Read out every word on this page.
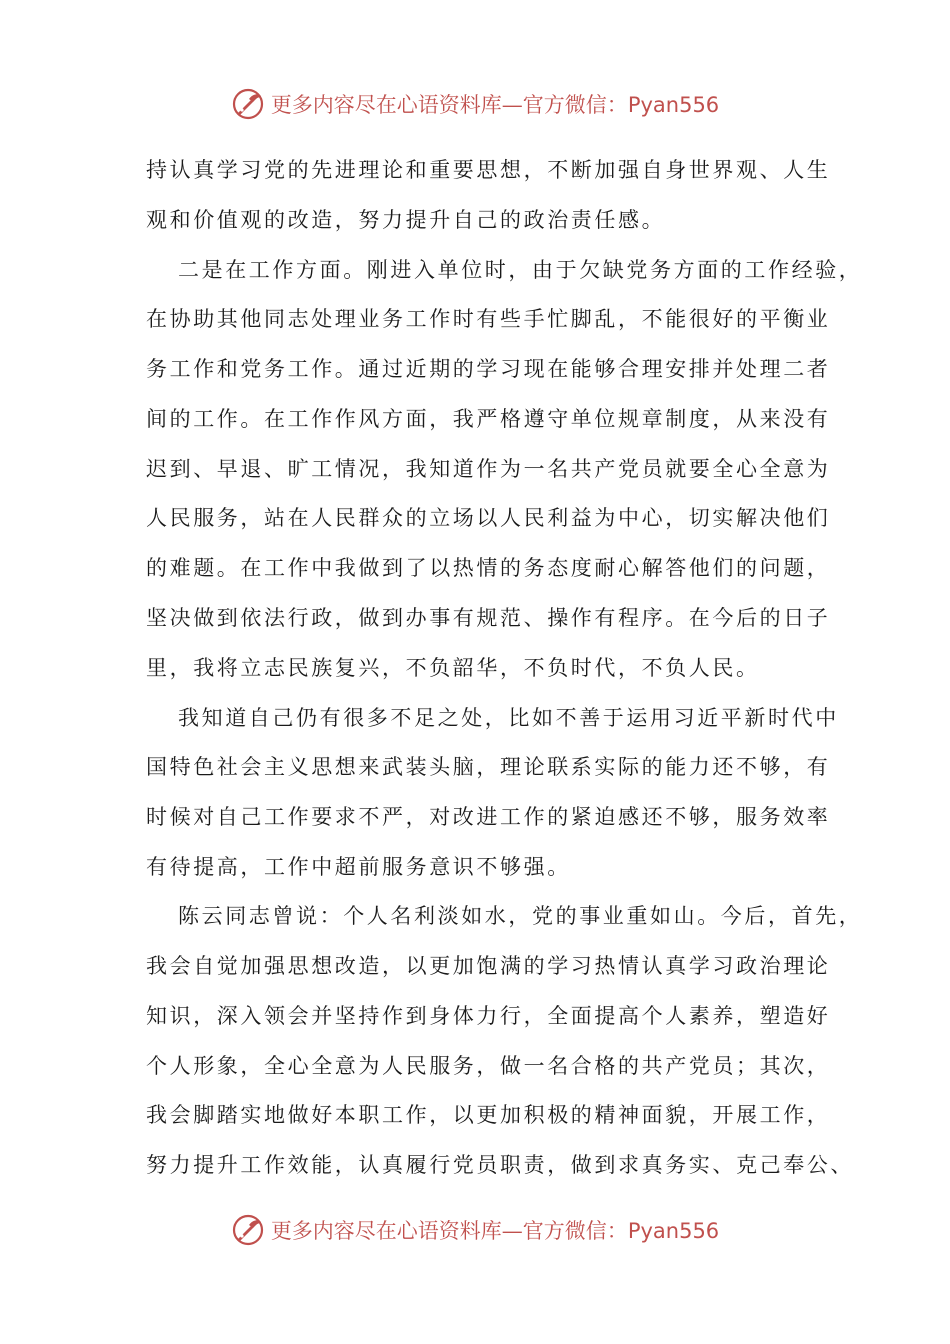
更多内容尽在心语资料库—官方微信：Pyan556
持认真学习党的先进理论和重要思想，不断加强自身世界观、人生
观和价值观的改造，努力提升自己的政治责任感。
二是在工作方面。刚进入单位时，由于欠缺党务方面的工作经验，
在协助其他同志处理业务工作时有些手忙脚乱，不能很好的平衡业
务工作和党务工作。通过近期的学习现在能够合理安排并处理二者
间的工作。在工作作风方面，我严格遵守单位规章制度，从来没有
迟到、早退、旷工情况，我知道作为一名共产党员就要全心全意为
人民服务，站在人民群众的立场以人民利益为中心，切实解决他们
的难题。在工作中我做到了以热情的务态度耐心解答他们的问题，
坚决做到依法行政，做到办事有规范、操作有程序。在今后的日子
里，我将立志民族复兴，不负韶华，不负时代，不负人民。
我知道自己仍有很多不足之处，比如不善于运用习近平新时代中
国特色社会主义思想来武装头脑，理论联系实际的能力还不够，有
时候对自己工作要求不严，对改进工作的紧迫感还不够，服务效率
有待提高，工作中超前服务意识不够强。
陈云同志曾说：个人名利淡如水，党的事业重如山。今后，首先，
我会自觉加强思想改造，以更加饱满的学习热情认真学习政治理论
知识，深入领会并坚持作到身体力行，全面提高个人素养，塑造好
个人形象，全心全意为人民服务，做一名合格的共产党员；其次，
我会脚踏实地做好本职工作，以更加积极的精神面貌，开展工作，
努力提升工作效能，认真履行党员职责，做到求真务实、克己奉公、
更多内容尽在心语资料库—官方微信：Pyan556
